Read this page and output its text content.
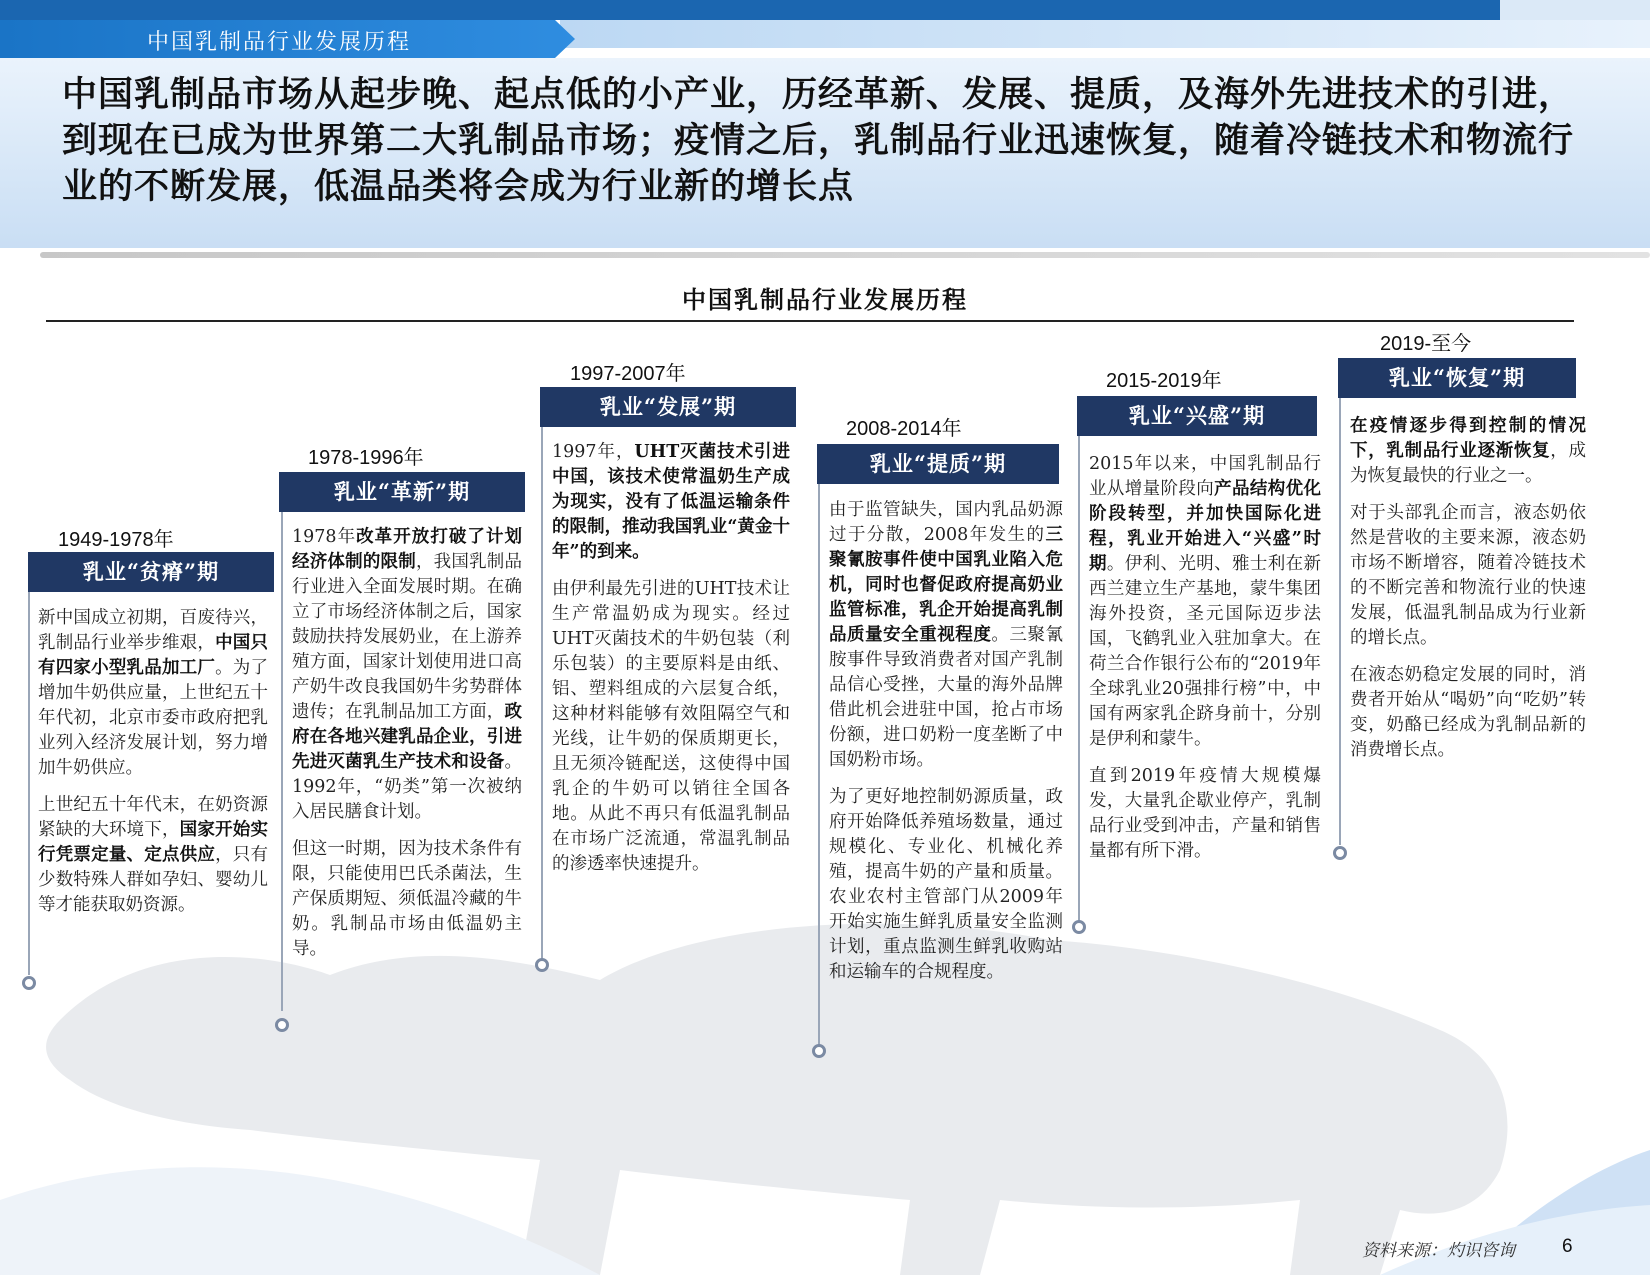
中国乳制品行业发展历程
中国乳制品市场从起步晚、起点低的小产业，历经革新、发展、提质，及海外先进技术的引进，到现在已成为世界第二大乳制品市场；疫情之后，乳制品行业迅速恢复，随着冷链技术和物流行业的不断发展，低温品类将会成为行业新的增长点
中国乳制品行业发展历程
1949-1978年
乳业“贫瘠”期

新中国成立初期，百废待兴，乳制品行业举步维艰，中国只有四家小型乳品加工厂。为了增加牛奶供应量，上世纪五十年代初，北京市委市政府把乳业列入经济发展计划，努力增加牛奶供应。

上世纪五十年代末，在奶资源紧缺的大环境下，国家开始实行凭票定量、定点供应，只有少数特殊人群如孕妇、婴幼儿等才能获取奶资源。

1978-1996年
乳业“革新”期

1978年改革开放打破了计划经济体制的限制，我国乳制品行业进入全面发展时期。在确立了市场经济体制之后，国家鼓励扶持发展奶业，在上游养殖方面，国家计划使用进口高产奶牛改良我国奶牛劣势群体遗传；在乳制品加工方面，政府在各地兴建乳品企业，引进先进灭菌乳生产技术和设备。1992年，“奶类”第一次被纳入居民膳食计划。

但这一时期，因为技术条件有限，只能使用巴氏杀菌法，生产保质期短、须低温冷藏的牛奶。乳制品市场由低温奶主导。

1997-2007年
乳业“发展”期

1997年，UHT灭菌技术引进中国，该技术使常温奶生产成为现实，没有了低温运输条件的限制，推动我国乳业“黄金十年”的到来。

由伊利最先引进的UHT技术让生产常温奶成为现实。经过UHT灭菌技术的牛奶包装（利乐包装）的主要原料是由纸、铝、塑料组成的六层复合纸，这种材料能够有效阻隔空气和光线，让牛奶的保质期更长，且无须冷链配送，这使得中国乳企的牛奶可以销往全国各地。从此不再只有低温乳制品在市场广泛流通，常温乳制品的渗透率快速提升。

2008-2014年
乳业“提质”期

由于监管缺失，国内乳品奶源过于分散，2008年发生的三聚氰胺事件使中国乳业陷入危机，同时也督促政府提高奶业监管标准，乳企开始提高乳制品质量安全重视程度。三聚氰胺事件导致消费者对国产乳制品信心受挫，大量的海外品牌借此机会进驻中国，抢占市场份额，进口奶粉一度垄断了中国奶粉市场。

为了更好地控制奶源质量，政府开始降低养殖场数量，通过规模化、专业化、机械化养殖，提高牛奶的产量和质量。农业农村主管部门从2009年开始实施生鲜乳质量安全监测计划，重点监测生鲜乳收购站和运输车的合规程度。

2015-2019年
乳业“兴盛”期

2015年以来，中国乳制品行业从增量阶段向产品结构优化阶段转型，并加快国际化进程，乳业开始进入“兴盛”时期。伊利、光明、雅士利在新西兰建立生产基地，蒙牛集团海外投资，圣元国际迈步法国，飞鹤乳业入驻加拿大。在荷兰合作银行公布的“2019年全球乳业20强排行榜”中，中国有两家乳企跻身前十，分别是伊利和蒙牛。

直到2019年疫情大规模爆发，大量乳企歇业停产，乳制品行业受到冲击，产量和销售量都有所下滑。

2019-至今
乳业“恢复”期

在疫情逐步得到控制的情况下，乳制品行业逐渐恢复，成为恢复最快的行业之一。

对于头部乳企而言，液态奶依然是营收的主要来源，液态奶市场不断增容，随着冷链技术的不断完善和物流行业的快速发展，低温乳制品成为行业新的增长点。

在液态奶稳定发展的同时，消费者开始从“喝奶”向“吃奶”转变，奶酪已经成为乳制品新的消费增长点。

资料来源：灼识咨询 6
